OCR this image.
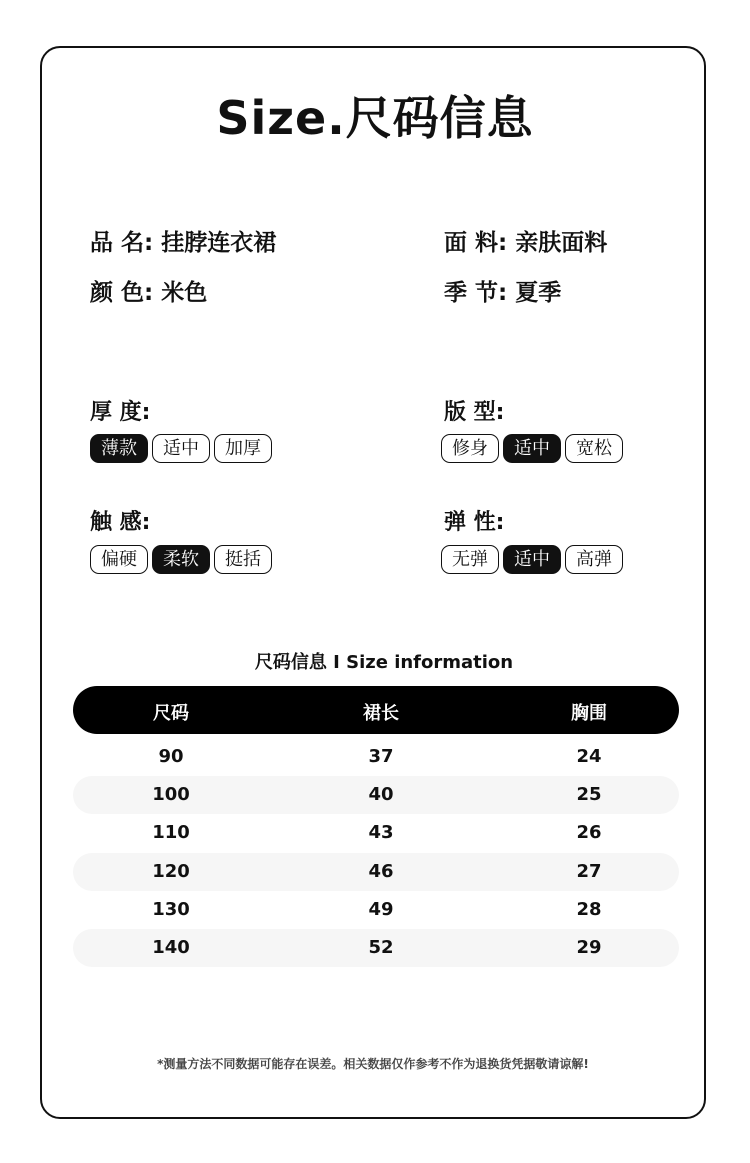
Size.尺码信息
品 名: 挂脖连衣裙	面 料: 亲肤面料
颜 色: 米色	季 节: 夏季
厚 度:
薄款	适中	加厚
版 型:
修身	适中	宽松
触 感:
偏硬	柔软	挺括
弹 性:
无弹	适中	高弹
尺码信息 I Size information
尺码	裙长	胸围
90	37	24
100	40	25
110	43	26
120	46	27
130	49	28
140	52	29
*测量方法不同数据可能存在误差。相关数据仅作参考不作为退换货凭据敬请谅解!
